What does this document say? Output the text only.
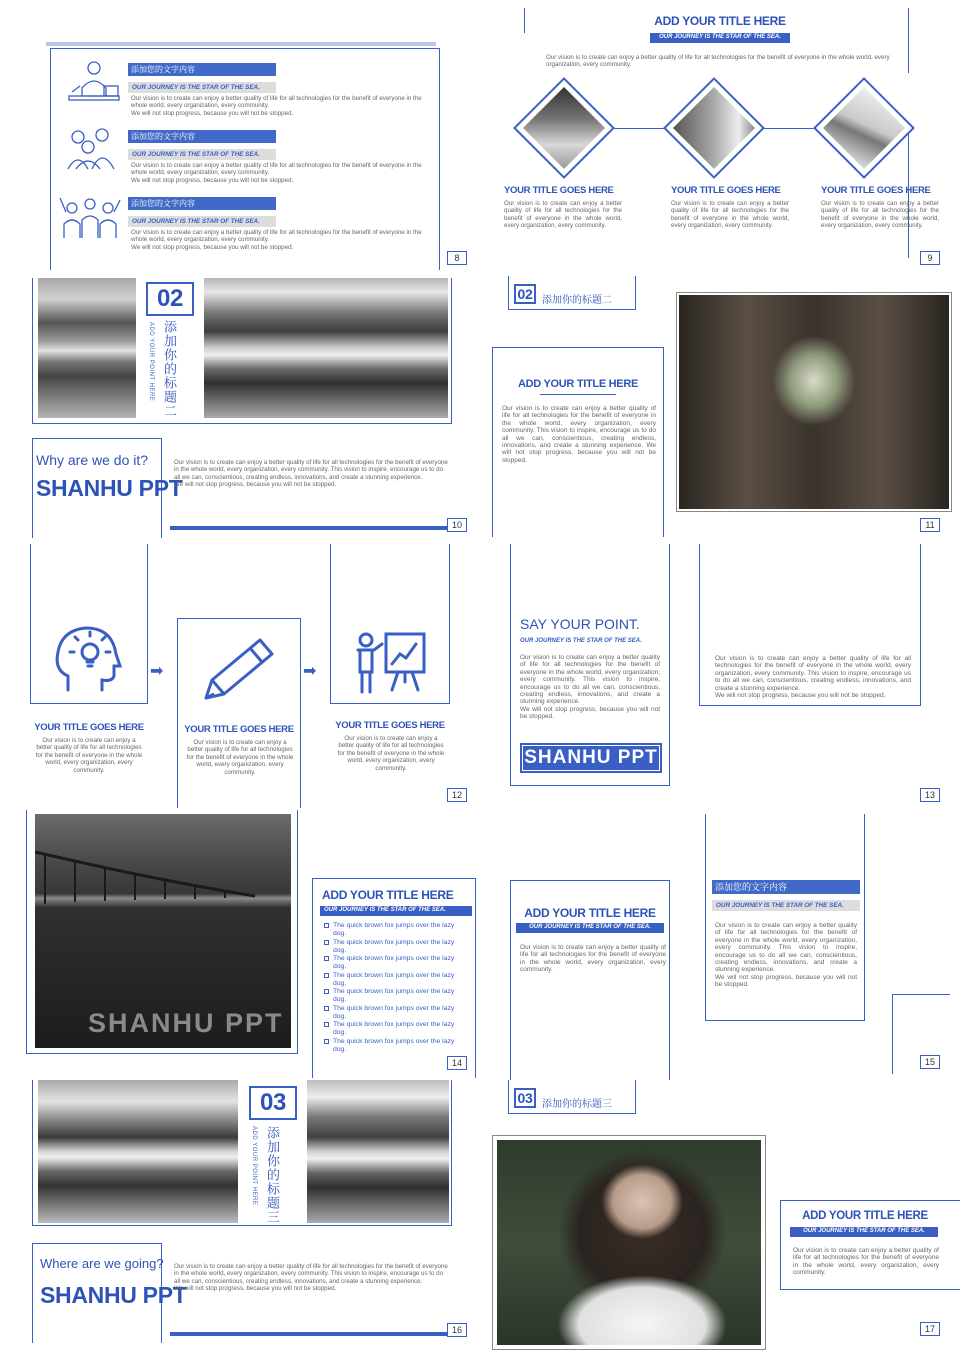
添加您的文字内容
OUR JOURNEY IS THE STAR OF THE SEA.
Our vision is to create can enjoy a better quality of life for all technologies for the benefit of everyone in the whole world, every organization, every community.
We will not stop progress, because you will not be stopped.
添加您的文字内容
OUR JOURNEY IS THE STAR OF THE SEA.
Our vision is to create can enjoy a better quality of life for all technologies for the benefit of everyone in the whole world, every organization, every community.
We will not stop progress, because you will not be stopped.
添加您的文字内容
OUR JOURNEY IS THE STAR OF THE SEA.
Our vision is to create can enjoy a better quality of life for all technologies for the benefit of everyone in the whole world, every organization, every community.
We will not stop progress, because you will not be stopped.
8
ADD YOUR TITLE HERE
OUR JOURNEY IS THE STAR OF THE SEA.
Our vision is to create can enjoy a better quality of life for all technologies for the benefit of everyone in the whole world, every organization, every community.
YOUR TITLE GOES HERE
Our vision is to create can enjoy a better quality of life for all technologies for the benefit of everyone in the whole world, every organization, every community.
YOUR TITLE GOES HERE
Our vision is to create can enjoy a better quality of life for all technologies for the benefit of everyone in the whole world, every organization, every community.
YOUR TITLE GOES HERE
Our vision is to create can enjoy a better quality of life for all technologies for the benefit of everyone in the whole world, every organization, every community.
9
02
添加你的标题二
ADD YOUR POINT HERE
Why are we do it?
SHANHU PPT
Our vision is to create can enjoy a better quality of life for all technologies for the benefit of everyone in the whole world, every organization, every community. This vision to inspire, encourage us to do all we can, conscientious, creating endless, innovations, and create a stunning experience.
We will not stop progress, because you will not be stopped.
10
02 添加你的标题二
ADD YOUR TITLE HERE
Our vision is to create can enjoy a better quality of life for all technologies for the benefit of everyone in the whole world, every organization, every community. This vision to inspire, encourage us to do all we can, conscientious, creating endless, innovations, and create a stunning experience. We will not stop progress, because you will not be stopped.
11
➡	➡
YOUR TITLE GOES HERE
Our vision is to create can enjoy a better quality of life for all technologies for the benefit of everyone in the whole world, every organization, every community.
YOUR TITLE GOES HERE
Our vision is to create can enjoy a better quality of life for all technologies for the benefit of everyone in the whole world, every organization, every community.
YOUR TITLE GOES HERE
Our vision is to create can enjoy a better quality of life for all technologies for the benefit of everyone in the whole world, every organization, every community.
12
SAY YOUR POINT.
OUR JOURNEY IS THE STAR OF THE SEA.
Our vision is to create can enjoy a better quality of life for all technologies for the benefit of everyone in the whole world, every organization, every community. This vision to inspire, encourage us to do all we can, conscientious, creating endless, innovations, and create a stunning experience.
We will not stop progress, because you will not be stopped.
SHANHU PPT
Our vision is to create can enjoy a better quality of life for all technologies for the benefit of everyone in the whole world, every organization, every community. This vision to inspire, encourage us to do all we can, conscientious, creating endless, innovations, and create a stunning experience.
We will not stop progress, because you will not be stopped.
13
SHANHU PPT
ADD YOUR TITLE HERE
OUR JOURNEY IS THE STAR OF THE SEA.
The quick brown fox jumps over the lazy dog.
The quick brown fox jumps over the lazy dog.
The quick brown fox jumps over the lazy dog.
The quick brown fox jumps over the lazy dog.
The quick brown fox jumps over the lazy dog.
The quick brown fox jumps over the lazy dog.
The quick brown fox jumps over the lazy dog.
The quick brown fox jumps over the lazy dog.
14
ADD YOUR TITLE HERE
OUR JOURNEY IS THE STAR OF THE SEA.
Our vision is to create can enjoy a better quality of life for all technologies for the benefit of everyone in the whole world, every organization, every community.
添加您的文字内容
OUR JOURNEY IS THE STAR OF THE SEA.
Our vision is to create can enjoy a better quality of life for all technologies for the benefit of everyone in the whole world, every organization, every community. This vision to inspire, encourage us to do all we can, conscientious, creating endless, innovations, and create a stunning experience.
We will not stop progress, because you will not be stopped.
15
03
添加你的标题三
ADD YOUR POINT HERE
Where are we going?
SHANHU PPT
Our vision is to create can enjoy a better quality of life for all technologies for the benefit of everyone in the whole world, every organization, every community. This vision to inspire, encourage us to do all we can, conscientious, creating endless, innovations, and create a stunning experience.
We will not stop progress, because you will not be stopped.
16
03 添加你的标题三
ADD YOUR TITLE HERE
OUR JOURNEY IS THE STAR OF THE SEA.
Our vision is to create can enjoy a better quality of life for all technologies for the benefit of everyone in the whole world, every organization, every community.
17
